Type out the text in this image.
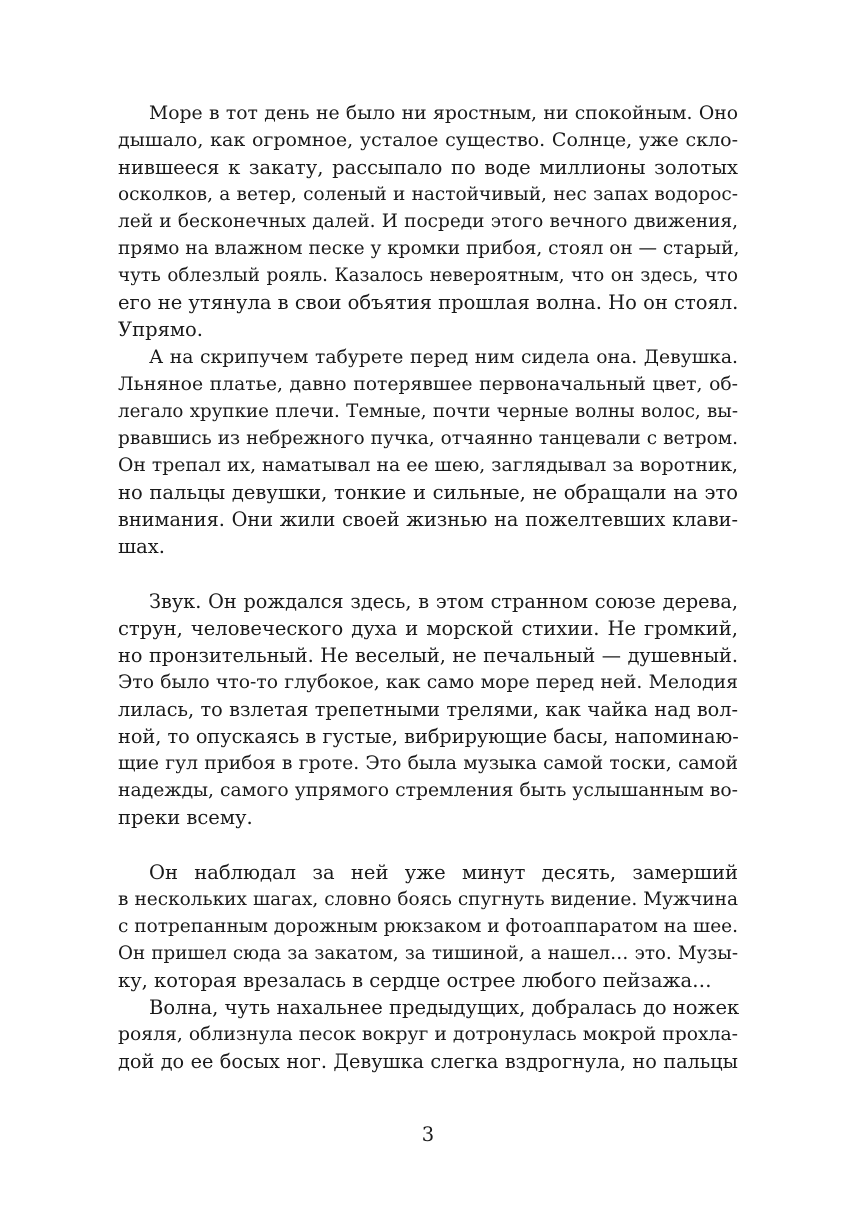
Море в тот день не было ни яростным, ни спокойным. Оно
дышало, как огромное, усталое существо. Солнце, уже скло-
нившееся к закату, рассыпало по воде миллионы золотых
осколков, а ветер, соленый и настойчивый, нес запах водорос-
лей и бесконечных далей. И посреди этого вечного движения,
прямо на влажном песке у кромки прибоя, стоял он — старый,
чуть облезлый рояль. Казалось невероятным, что он здесь, что
его не утянула в свои объятия прошлая волна. Но он стоял.
Упрямо.
А на скрипучем табурете перед ним сидела она. Девушка.
Льняное платье, давно потерявшее первоначальный цвет, об-
легало хрупкие плечи. Темные, почти черные волны волос, вы-
рвавшись из небрежного пучка, отчаянно танцевали с ветром.
Он трепал их, наматывал на ее шею, заглядывал за воротник,
но пальцы девушки, тонкие и сильные, не обращали на это
внимания. Они жили своей жизнью на пожелтевших клави-
шах.
Звук. Он рождался здесь, в этом странном союзе дерева,
струн, человеческого духа и морской стихии. Не громкий,
но пронзительный. Не веселый, не печальный — душевный.
Это было что-то глубокое, как само море перед ней. Мелодия
лилась, то взлетая трепетными трелями, как чайка над вол-
ной, то опускаясь в густые, вибрирующие басы, напоминаю-
щие гул прибоя в гроте. Это была музыка самой тоски, самой
надежды, самого упрямого стремления быть услышанным во-
преки всему.
Он наблюдал за ней уже минут десять, замерший
в нескольких шагах, словно боясь спугнуть видение. Мужчина
с потрепанным дорожным рюкзаком и фотоаппаратом на шее.
Он пришел сюда за закатом, за тишиной, а нашел… это. Музы-
ку, которая врезалась в сердце острее любого пейзажа…
Волна, чуть нахальнее предыдущих, добралась до ножек
рояля, облизнула песок вокруг и дотронулась мокрой прохла-
дой до ее босых ног. Девушка слегка вздрогнула, но пальцы
3
